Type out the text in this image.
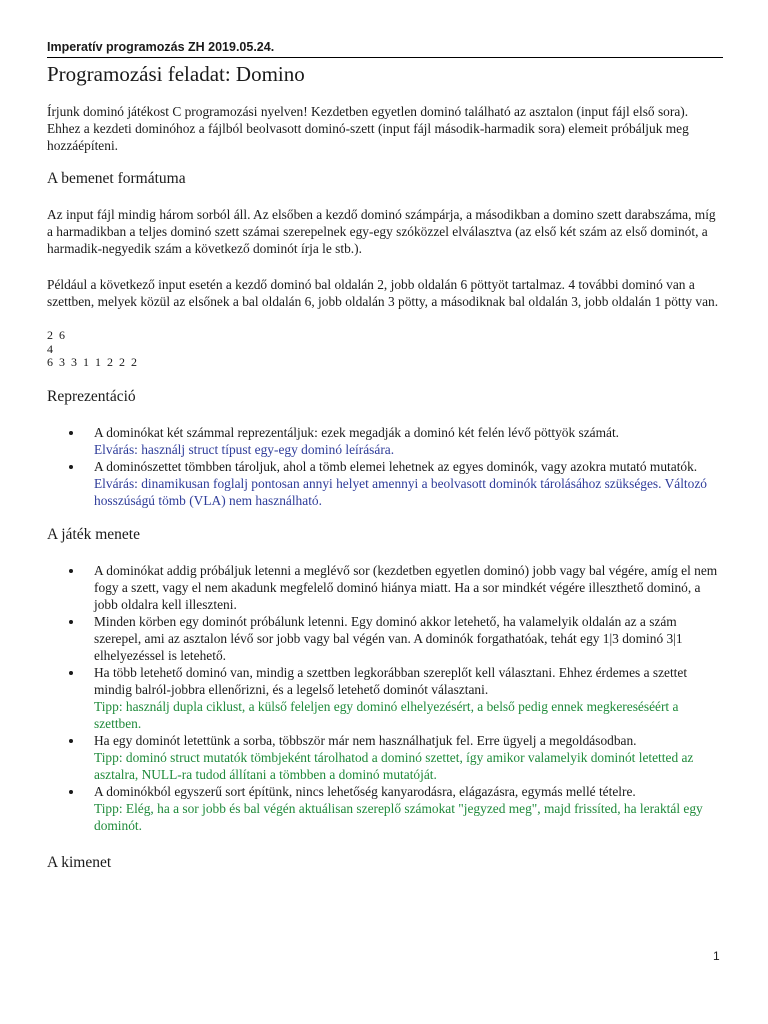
Imperatív programozás ZH 2019.05.24.
Programozási feladat: Domino

Írjunk dominó játékost C programozási nyelven! Kezdetben egyetlen dominó található az asztalon (input fájl első sora). Ehhez a kezdeti dominóhoz a fájlból beolvasott dominó-szett (input fájl második-harmadik sora) elemeit próbáljuk meg hozzáépíteni.

A bemenet formátuma

Az input fájl mindig három sorból áll. Az elsőben a kezdő dominó számpárja, a másodikban a domino szett darabszáma, míg a harmadikban a teljes dominó szett számai szerepelnek egy-egy szóközzel elválasztva (az első két szám az első dominót, a harmadik-negyedik szám a következő dominót írja le stb.).

Például a következő input esetén a kezdő dominó bal oldalán 2, jobb oldalán 6 pöttyöt tartalmaz. 4 további dominó van a szettben, melyek közül az elsőnek a bal oldalán 6, jobb oldalán 3 pötty, a másodiknak bal oldalán 3, jobb oldalán 1 pötty van.

2  6
4
6  3  3  1  1  2  2  2
Reprezentáció
A dominókat két számmal reprezentáljuk: ezek megadják a dominó két felén lévő pöttyök számát.
Elvárás: használj struct típust egy-egy dominó leírására.
A dominószettet tömbben tároljuk, ahol a tömb elemei lehetnek az egyes dominók, vagy azokra mutató mutatók.
Elvárás: dinamikusan foglalj pontosan annyi helyet amennyi a beolvasott dominók tárolásához szükséges. Változó hosszúságú tömb (VLA) nem használható.
A játék menete
A dominókat addig próbáljuk letenni a meglévő sor (kezdetben egyetlen dominó) jobb vagy bal végére, amíg el nem fogy a szett, vagy el nem akadunk megfelelő dominó hiánya miatt. Ha a sor mindkét végére illeszthető dominó, a jobb oldalra kell illeszteni.
Minden körben egy dominót próbálunk letenni. Egy dominó akkor letehető, ha valamelyik oldalán az a szám szerepel, ami az asztalon lévő sor jobb vagy bal végén van. A dominók forgathatóak, tehát egy 1|3 dominó 3|1 elhelyezéssel is letehető.
Ha több letehető dominó van, mindig a szettben legkorábban szereplőt kell választani. Ehhez érdemes a szettet mindig balról-jobbra ellenőrizni, és a legelső letehető dominót választani.
Tipp: használj dupla ciklust, a külső feleljen egy dominó elhelyezésért, a belső pedig ennek megkereséséért a szettben.
Ha egy dominót letettünk a sorba, többször már nem használhatjuk fel. Erre ügyelj a megoldásodban.
Tipp: dominó struct mutatók tömbjeként tárolhatod a dominó szettet, így amikor valamelyik dominót letetted az asztalra, NULL-ra tudod állítani a tömbben a dominó mutatóját.
A dominókból egyszerű sort építünk, nincs lehetőség kanyarodásra, elágazásra, egymás mellé tételre.
Tipp: Elég, ha a sor jobb és bal végén aktuálisan szereplő számokat "jegyzed meg", majd frissíted, ha leraktál egy dominót.
A kimenet
1
